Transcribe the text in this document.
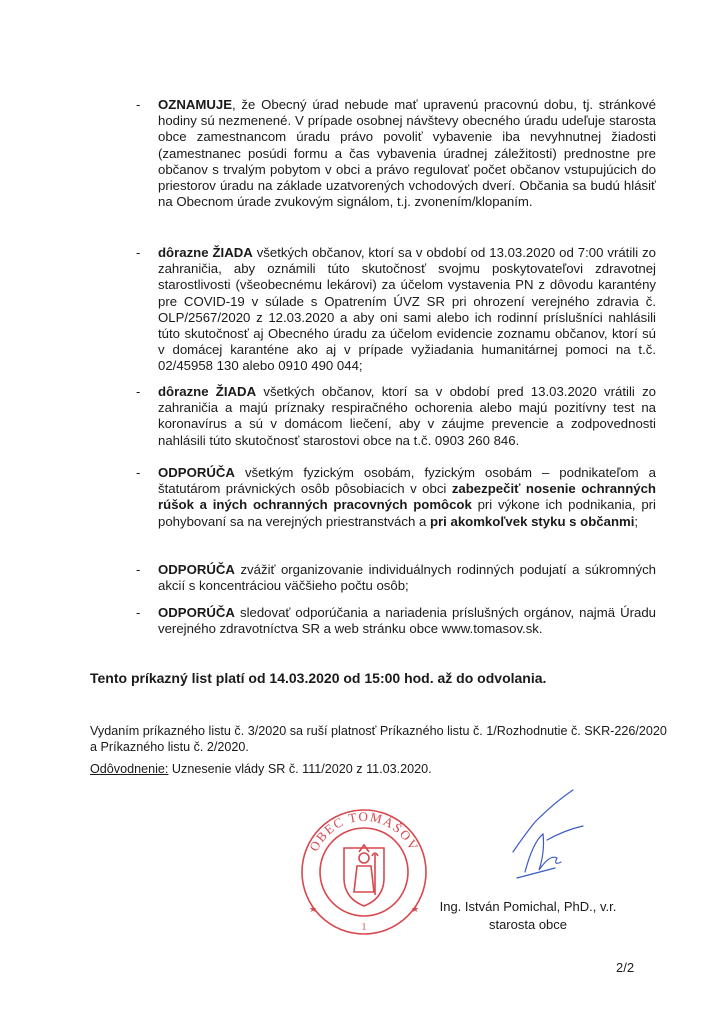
- OZNAMUJE, že Obecný úrad nebude mať upravenú pracovnú dobu, tj. stránkové hodiny sú nezmenené. V prípade osobnej návštevy obecného úradu udeľuje starosta obce zamestnancom úradu právo povoliť vybavenie iba nevyhnutnej žiadosti (zamestnanec posúdi formu a čas vybavenia úradnej záležitosti) prednostne pre občanov s trvalým pobytom v obci a právo regulovať počet občanov vstupujúcich do priestorov úradu na základe uzatvorených vchodových dverí. Občania sa budú hlásiť na Obecnom úrade zvukovým signálom, t.j. zvonením/klopaním.
- dôrazne ŽIADA všetkých občanov, ktorí sa v období od 13.03.2020 od 7:00 vrátili zo zahraničia, aby oznámili túto skutočnosť svojmu poskytovateľovi zdravotnej starostlivosti (všeobecnému lekárovi) za účelom vystavenia PN z dôvodu karantény pre COVID-19 v súlade s Opatrením ÚVZ SR pri ohrození verejného zdravia č. OLP/2567/2020 z 12.03.2020 a aby oni sami alebo ich rodinní príslušníci nahlásili túto skutočnosť aj Obecného úradu za účelom evidencie zoznamu občanov, ktorí sú v domácej karanténe ako aj v prípade vyžiadania humanitárnej pomoci na t.č. 02/45958 130 alebo 0910 490 044;
- dôrazne ŽIADA všetkých občanov, ktorí sa v období pred 13.03.2020 vrátili zo zahraničia a majú príznaky respiračného ochorenia alebo majú pozitívny test na koronavírus a sú v domácom liečení, aby v záujme prevencie a zodpovednosti nahlásili túto skutočnosť starostovi obce na t.č. 0903 260 846.
- ODPORÚČA všetkým fyzickým osobám, fyzickým osobám – podnikateľom a štatutárom právnických osôb pôsobiacich v obci zabezpečiť nosenie ochranných rúšok a iných ochranných pracovných pomôcok pri výkone ich podnikania, pri pohybovaní sa na verejných priestranstvách a pri akomkoľvek styku s občanmi;
- ODPORÚČA zvážiť organizovanie individuálnych rodinných podujatí a súkromných akcií s koncentráciou väčšieho počtu osôb;
- ODPORÚČA sledovať odporúčania a nariadenia príslušných orgánov, najmä Úradu verejného zdravotníctva SR a web stránku obce www.tomasov.sk.
Tento príkazný list platí od 14.03.2020 od 15:00 hod. až do odvolania.
Vydaním príkazného listu č. 3/2020 sa ruší platnosť Príkazného listu č. 1/Rozhodnutie č. SKR-226/2020 a Príkazného listu č. 2/2020.
Odôvodnenie: Uznesenie vlády SR č. 111/2020 z 11.03.2020.
OBEC TOMÁŠOV
★	★
1
Ing. István Pomichal, PhD., v.r.
starosta obce
2/2
